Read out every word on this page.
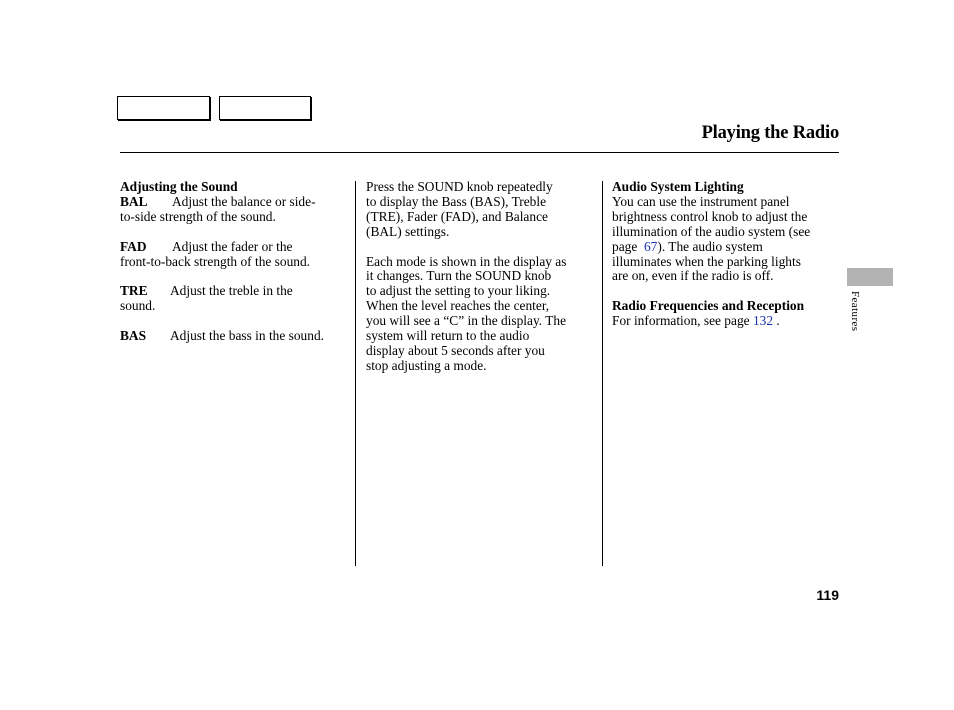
Playing the Radio

Adjusting the Sound

BAL Adjust the balance or side-

to-side strength of the sound.

FAD Adjust the fader or the

front-to-back strength of the sound.

TRE Adjust the treble in the

sound.

BAS Adjust the bass in the sound.

Press the SOUND knob repeatedly

to display the Bass (BAS), Treble

(TRE), Fader (FAD), and Balance

(BAL) settings.

Each mode is shown in the display as

it changes. Turn the SOUND knob

to adjust the setting to your liking.

When the level reaches the center,

you will see a “C” in the display. The

system will return to the audio

display about 5 seconds after you

stop adjusting a mode.

Audio System Lighting

You can use the instrument panel

brightness control knob to adjust the

illumination of the audio system (see

page 67). The audio system

illuminates when the parking lights

are on, even if the radio is off.

Radio Frequencies and Reception

For information, see page 132 .	Features
119
